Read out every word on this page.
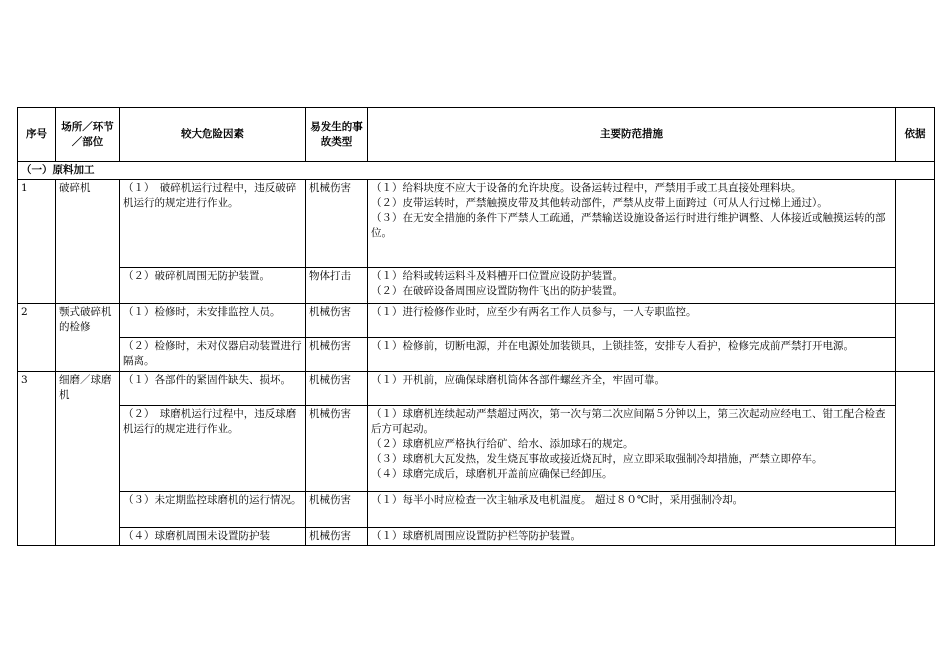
序号	场所／环节／部位	较大危险因素	易发生的事故类型	主要防范措施	依据
（一）原料加工					
1	破碎机	（１）　破碎机运行过程中，违反破碎机运行的规定进行作业。	机械伤害	（１）给料块度不应大于设备的允许块度。设备运转过程中，严禁用手或工具直接处理料块。
（２）皮带运转时，严禁触摸皮带及其他转动部件，严禁从皮带上面跨过（可从人行过梯上通过）。
（３）在无安全措施的条件下严禁人工疏通，严禁输送设施设备运行时进行维护调整、人体接近或触摸运转的部位。	

		（２）破碎机周围无防护装置。	物体打击	（１）给料或转运料斗及料槽开口位置应设防护装置。
（２）在破碎设备周围应设置防物件飞出的防护装置。	

2	颚式破碎机的检修	（１）检修时，未安排监控人员。	机械伤害	（１）进行检修作业时，应至少有两名工作人员参与，一人专职监控。	

		（２）检修时，未对仪器启动装置进行隔离。	机械伤害	（１）检修前，切断电源，并在电源处加装锁具，上锁挂签，安排专人看护，检修完成前严禁打开电源。	

3	细磨／球磨机	（１）各部件的紧固件缺失、损坏。	机械伤害	（１）开机前，应确保球磨机筒体各部件螺丝齐全，牢固可靠。	

		（２）　球磨机运行过程中，违反球磨机运行的规定进行作业。	机械伤害	（１）球磨机连续起动严禁超过两次，第一次与第二次应间隔５分钟以上，第三次起动应经电工、钳工配合检查后方可起动。
（２）球磨机应严格执行给矿、给水、添加球石的规定。
（３）球磨机大瓦发热，发生烧瓦事故或接近烧瓦时，应立即采取强制冷却措施，严禁立即停车。
（４）球磨完成后，球磨机开盖前应确保已经卸压。	

		（３）未定期监控球磨机的运行情况。	机械伤害	（１）每半小时应检查一次主轴承及电机温度。 超过８０℃时，采用强制冷却。	

		（４）球磨机周围未设置防护装	机械伤害	（１）球磨机周围应设置防护栏等防护装置。	
